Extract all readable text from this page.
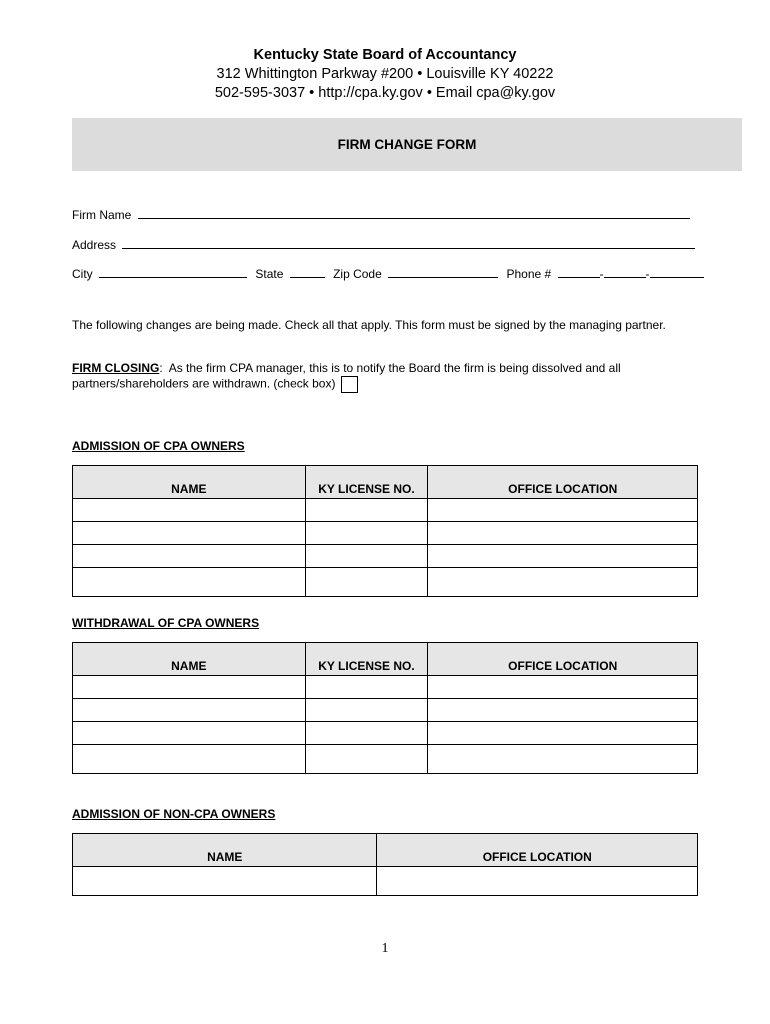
Kentucky State Board of Accountancy
312 Whittington Parkway #200 • Louisville KY 40222
502-595-3037 • http://cpa.ky.gov • Email cpa@ky.gov
FIRM CHANGE FORM
Firm Name
Address
City	State	Zip Code	Phone #	-	-
The following changes are being made. Check all that apply. This form must be signed by the managing partner.
FIRM CLOSING: As the firm CPA manager, this is to notify the Board the firm is being dissolved and all partners/shareholders are withdrawn. (check box)
ADMISSION OF CPA OWNERS
NAME	KY LICENSE NO.	OFFICE LOCATION

WITHDRAWAL OF CPA OWNERS
NAME	KY LICENSE NO.	OFFICE LOCATION

ADMISSION OF NON-CPA OWNERS
NAME	OFFICE LOCATION

1
